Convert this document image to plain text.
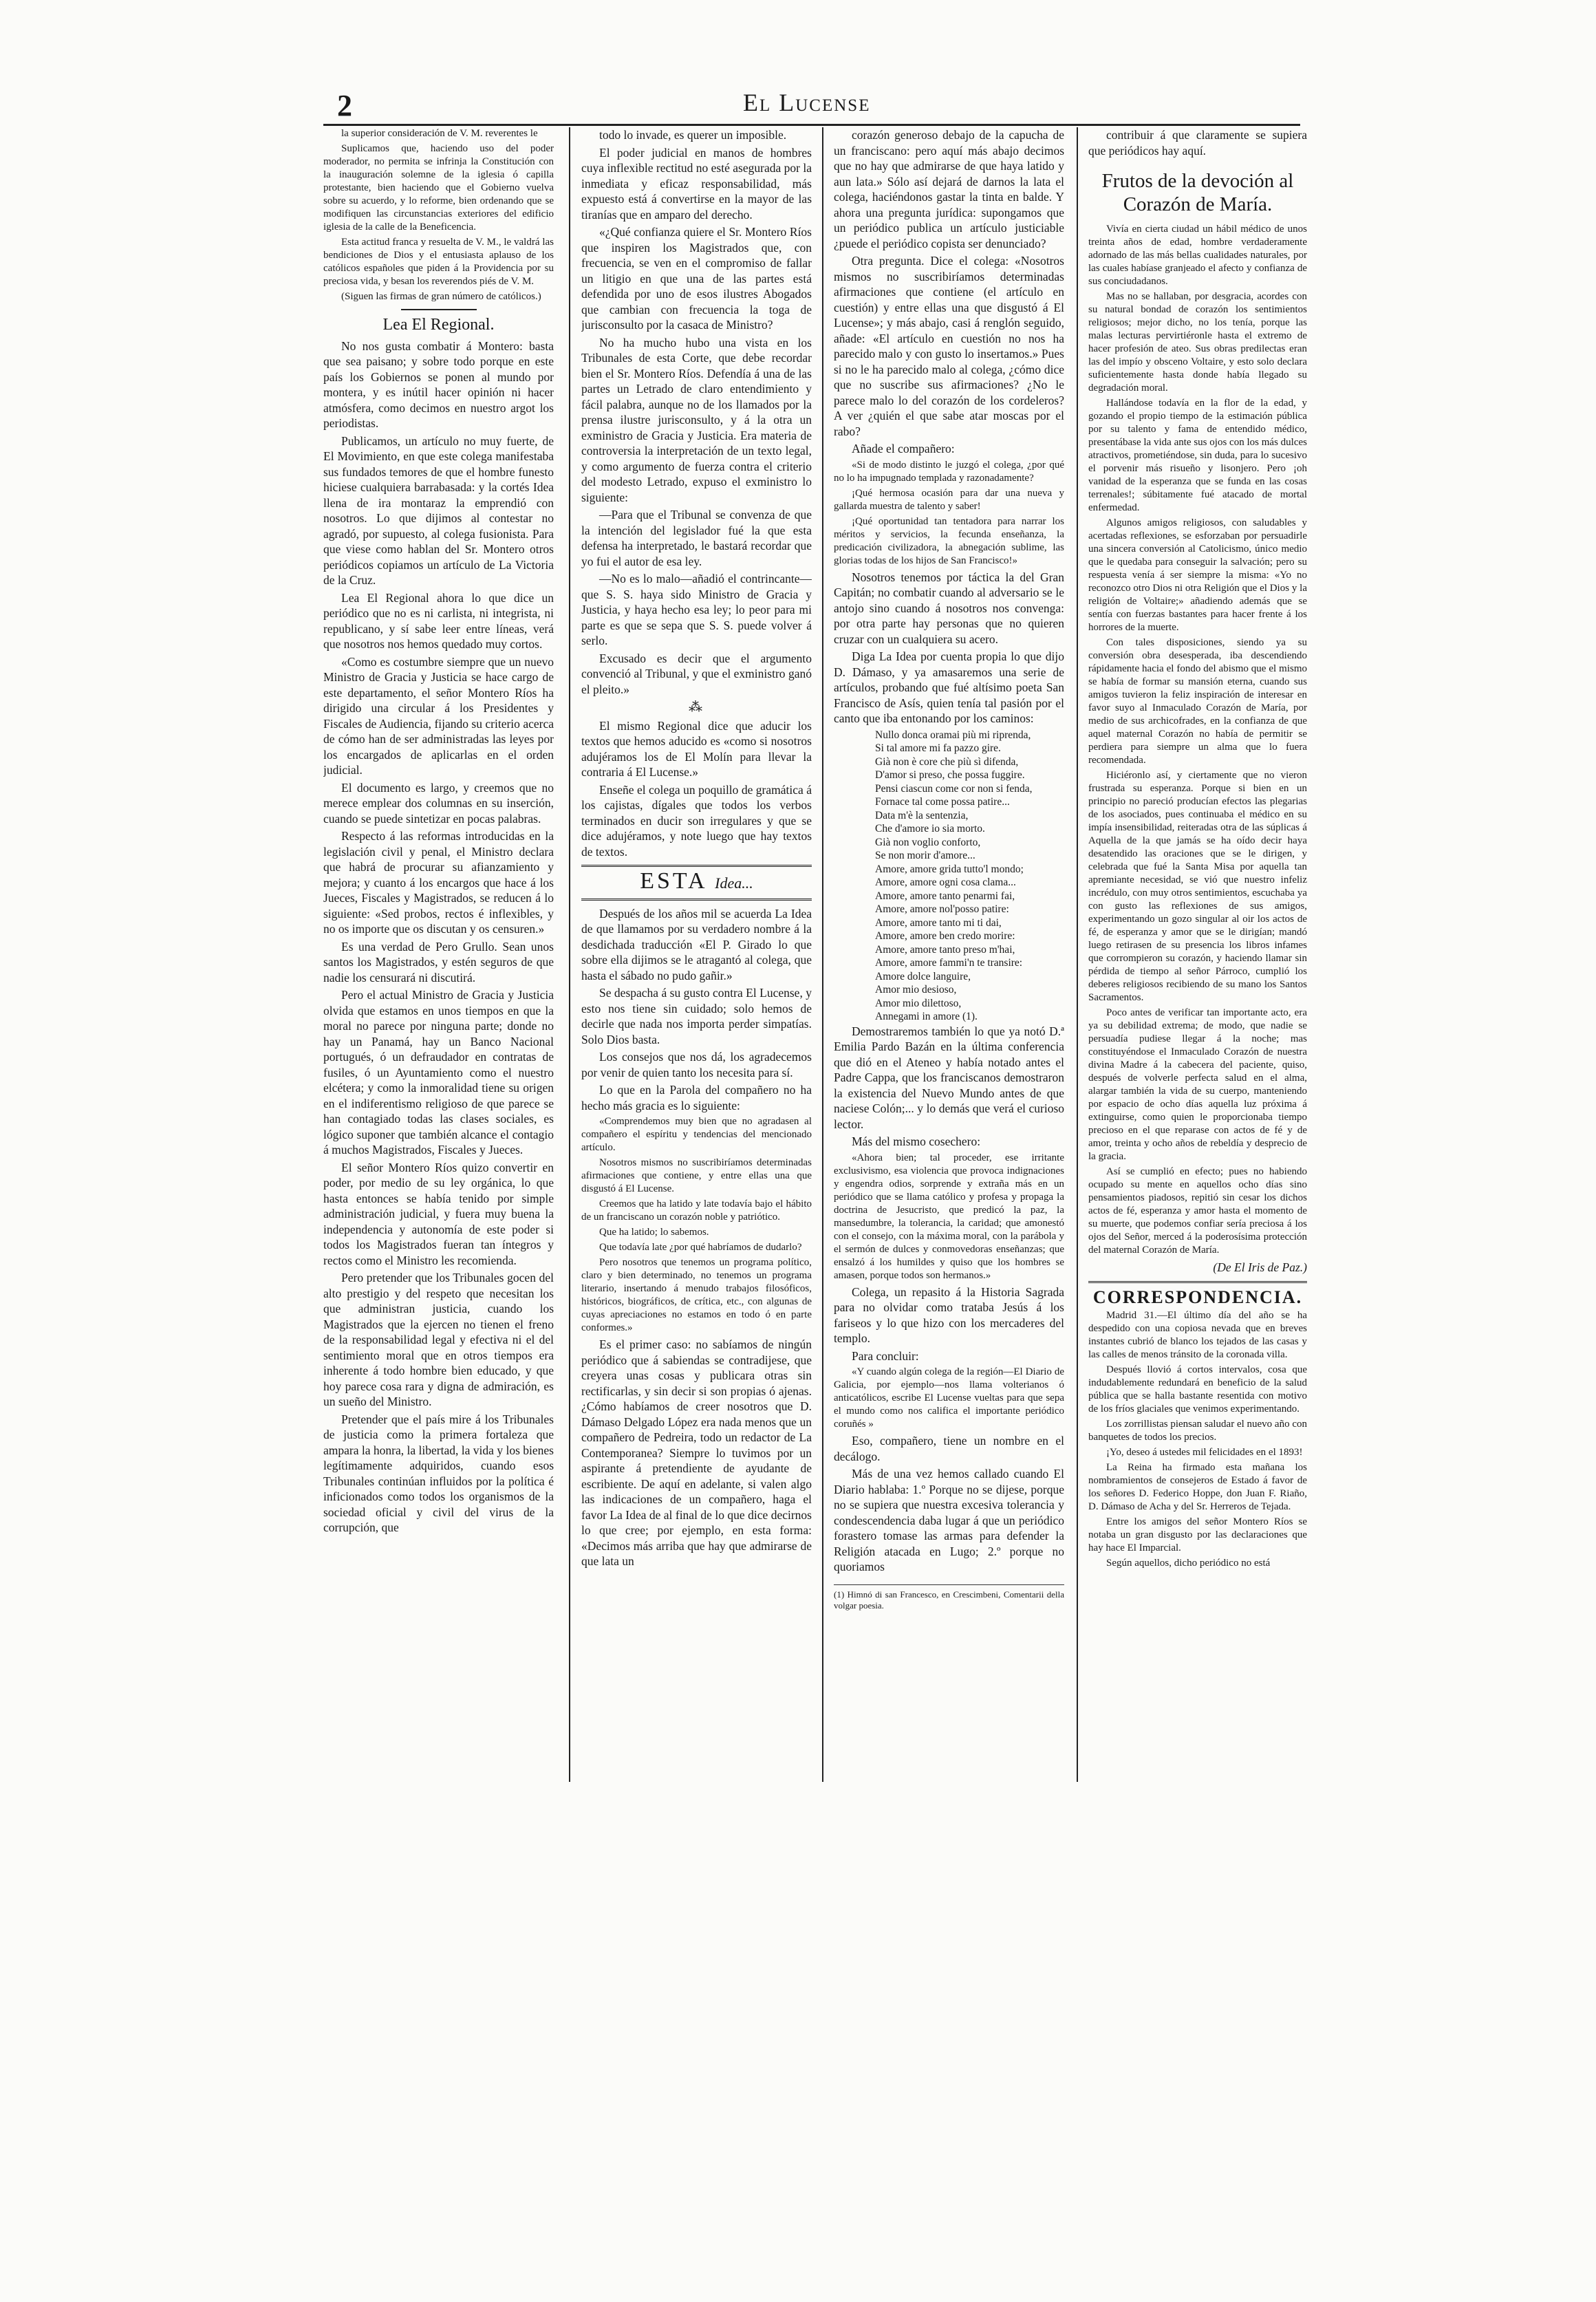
2	El Lucense

la superior consideración de V. M. reverentes le

Suplicamos que, haciendo uso del poder moderador, no permita se infrinja la Constitución con la inauguración solemne de la iglesia ó capilla protestante, bien haciendo que el Gobierno vuelva sobre su acuerdo, y lo reforme, bien ordenando que se modifiquen las circunstancias exteriores del edificio iglesia de la calle de la Beneficencia.

Esta actitud franca y resuelta de V. M., le valdrá las bendiciones de Dios y el entusiasta aplauso de los católicos españoles que piden á la Providencia por su preciosa vida, y besan los reverendos piés de V. M.

(Siguen las firmas de gran número de católicos.)

Lea El Regional.

No nos gusta combatir á Montero: basta que sea paisano; y sobre todo porque en este país los Gobiernos se ponen al mundo por montera, y es inútil hacer opinión ni hacer atmósfera, como decimos en nuestro argot los periodistas.

Publicamos, un artículo no muy fuerte, de El Movimiento, en que este colega manifestaba sus fundados temores de que el hombre funesto hiciese cualquiera barrabasada: y la cortés Idea llena de ira montaraz la emprendió con nosotros. Lo que dijimos al contestar no agradó, por supuesto, al colega fusionista. Para que viese como hablan del Sr. Montero otros periódicos copiamos un artículo de La Victoria de la Cruz.

Lea El Regional ahora lo que dice un periódico que no es ni carlista, ni integrista, ni republicano, y sí sabe leer entre líneas, verá que nosotros nos hemos quedado muy cortos.

«Como es costumbre siempre que un nuevo Ministro de Gracia y Justicia se hace cargo de este departamento, el señor Montero Ríos ha dirigido una circular á los Presidentes y Fiscales de Audiencia, fijando su criterio acerca de cómo han de ser administradas las leyes por los encargados de aplicarlas en el orden judicial.

El documento es largo, y creemos que no merece emplear dos columnas en su inserción, cuando se puede sintetizar en pocas palabras.

Respecto á las reformas introducidas en la legislación civil y penal, el Ministro declara que habrá de procurar su afianzamiento y mejora; y cuanto á los encargos que hace á los Jueces, Fiscales y Magistrados, se reducen á lo siguiente: «Sed probos, rectos é inflexibles, y no os importe que os discutan y os censuren.»

Es una verdad de Pero Grullo. Sean unos santos los Magistrados, y estén seguros de que nadie los censurará ni discutirá.

Pero el actual Ministro de Gracia y Justicia olvida que estamos en unos tiempos en que la moral no parece por ninguna parte; donde no hay un Panamá, hay un Banco Nacional portugués, ó un defraudador en contratas de fusiles, ó un Ayuntamiento como el nuestro elcétera; y como la inmoralidad tiene su origen en el indiferentismo religioso de que parece se han contagiado todas las clases sociales, es lógico suponer que también alcance el contagio á muchos Magistrados, Fiscales y Jueces.

El señor Montero Ríos quizo convertir en poder, por medio de su ley orgánica, lo que hasta entonces se había tenido por simple administración judicial, y fuera muy buena la independencia y autonomía de este poder si todos los Magistrados fueran tan íntegros y rectos como el Ministro les recomienda.

Pero pretender que los Tribunales gocen del alto prestigio y del respeto que necesitan los que administran justicia, cuando los Magistrados que la ejercen no tienen el freno de la responsabilidad legal y efectiva ni el del sentimiento moral que en otros tiempos era inherente á todo hombre bien educado, y que hoy parece cosa rara y digna de admiración, es un sueño del Ministro.

Pretender que el país mire á los Tribunales de justicia como la primera fortaleza que ampara la honra, la libertad, la vida y los bienes legítimamente adquiridos, cuando esos Tribunales continúan influidos por la política é inficionados como todos los organismos de la sociedad oficial y civil del virus de la corrupción, que

todo lo invade, es querer un imposible.

El poder judicial en manos de hombres cuya inflexible rectitud no esté asegurada por la inmediata y eficaz responsabilidad, más expuesto está á convertirse en la mayor de las tiranías que en amparo del derecho.

«¿Qué confianza quiere el Sr. Montero Ríos que inspiren los Magistrados que, con frecuencia, se ven en el compromiso de fallar un litigio en que una de las partes está defendida por uno de esos ilustres Abogados que cambian con frecuencia la toga de jurisconsulto por la casaca de Ministro?

No ha mucho hubo una vista en los Tribunales de esta Corte, que debe recordar bien el Sr. Montero Ríos. Defendía á una de las partes un Letrado de claro entendimiento y fácil palabra, aunque no de los llamados por la prensa ilustre jurisconsulto, y á la otra un exministro de Gracia y Justicia. Era materia de controversia la interpretación de un texto legal, y como argumento de fuerza contra el criterio del modesto Letrado, expuso el exministro lo siguiente:

—Para que el Tribunal se convenza de que la intención del legislador fué la que esta defensa ha interpretado, le bastará recordar que yo fui el autor de esa ley.

—No es lo malo—añadió el contrincante—que S. S. haya sido Ministro de Gracia y Justicia, y haya hecho esa ley; lo peor para mi parte es que se sepa que S. S. puede volver á serlo.

Excusado es decir que el argumento convenció al Tribunal, y que el exministro ganó el pleito.»

⁂

El mismo Regional dice que aducir los textos que hemos aducido es «como si nosotros adujéramos los de El Molín para llevar la contraria á El Lucense.»

Enseñe el colega un poquillo de gramática á los cajistas, dígales que todos los verbos terminados en ducir son irregulares y que se dice adujéramos, y note luego que hay textos de textos.

ESTA Idea...

Después de los años mil se acuerda La Idea de que llamamos por su verdadero nombre á la desdichada traducción «El P. Girado lo que sobre ella dijimos se le atragantó al colega, que hasta el sábado no pudo gañir.»

Se despacha á su gusto contra El Lucense, y esto nos tiene sin cuidado; solo hemos de decirle que nada nos importa perder simpatías. Solo Dios basta.

Los consejos que nos dá, los agradecemos por venir de quien tanto los necesita para sí.

Lo que en la Parola del compañero no ha hecho más gracia es lo siguiente:

«Comprendemos muy bien que no agradasen al compañero el espíritu y tendencias del mencionado artículo.

Nosotros mismos no suscribiríamos determinadas afirmaciones que contiene, y entre ellas una que disgustó á El Lucense.

Creemos que ha latido y late todavía bajo el hábito de un franciscano un corazón noble y patriótico.

Que ha latido; lo sabemos.

Que todavía late ¿por qué habríamos de dudarlo?

Pero nosotros que tenemos un programa político, claro y bien determinado, no tenemos un programa literario, insertando á menudo trabajos filosóficos, históricos, biográficos, de crítica, etc., con algunas de cuyas apreciaciones no estamos en todo ó en parte conformes.»

Es el primer caso: no sabíamos de ningún periódico que á sabiendas se contradijese, que creyera unas cosas y publicara otras sin rectificarlas, y sin decir si son propias ó ajenas. ¿Cómo habíamos de creer nosotros que D. Dámaso Delgado López era nada menos que un compañero de Pedreira, todo un redactor de La Contemporanea? Siempre lo tuvimos por un aspirante á pretendiente de ayudante de escribiente. De aquí en adelante, si valen algo las indicaciones de un compañero, haga el favor La Idea de al final de lo que dice decirnos lo que cree; por ejemplo, en esta forma: «Decimos más arriba que hay que admirarse de que lata un

corazón generoso debajo de la capucha de un franciscano: pero aquí más abajo decimos que no hay que admirarse de que haya latido y aun lata.» Sólo así dejará de darnos la lata el colega, haciéndonos gastar la tinta en balde. Y ahora una pregunta jurídica: supongamos que un periódico publica un artículo justiciable ¿puede el periódico copista ser denunciado?

Otra pregunta. Dice el colega: «Nosotros mismos no suscribiríamos determinadas afirmaciones que contiene (el artículo en cuestión) y entre ellas una que disgustó á El Lucense»; y más abajo, casi á renglón seguido, añade: «El artículo en cuestión no nos ha parecido malo y con gusto lo insertamos.» Pues si no le ha parecido malo al colega, ¿cómo dice que no suscribe sus afirmaciones? ¿No le parece malo lo del corazón de los cordeleros? A ver ¿quién el que sabe atar moscas por el rabo?

Añade el compañero:

«Si de modo distinto le juzgó el colega, ¿por qué no lo ha impugnado templada y razonadamente?

¡Qué hermosa ocasión para dar una nueva y gallarda muestra de talento y saber!

¡Qué oportunidad tan tentadora para narrar los méritos y servicios, la fecunda enseñanza, la predicación civilizadora, la abnegación sublime, las glorias todas de los hijos de San Francisco!»

Nosotros tenemos por táctica la del Gran Capitán; no combatir cuando al adversario se le antojo sino cuando á nosotros nos convenga: por otra parte hay personas que no quieren cruzar con un cualquiera su acero.

Diga La Idea por cuenta propia lo que dijo D. Dámaso, y ya amasaremos una serie de artículos, probando que fué altísimo poeta San Francisco de Asís, quien tenía tal pasión por el canto que iba entonando por los caminos:

Nullo donca oramai più mi riprenda,
Si tal amore mi fa pazzo gire.
Già non è core che più sì difenda,
D'amor si preso, che possa fuggire.
Pensi ciascun come cor non si fenda,
Fornace tal come possa patire...
Data m'è la sentenzia,
Che d'amore io sia morto.
Già non voglio conforto,
Se non morir d'amore...
Amore, amore grida tutto'l mondo;
Amore, amore ogni cosa clama...
Amore, amore tanto penarmi fai,
Amore, amore nol'posso patire:
Amore, amore tanto mi ti dai,
Amore, amore ben credo morire:
Amore, amore tanto preso m'hai,
Amore, amore fammi'n te transire:
Amore dolce languire,
Amor mio desioso,
Amor mio dilettoso,
Annegami in amore (1).

Demostraremos también lo que ya notó D.ª Emilia Pardo Bazán en la última conferencia que dió en el Ateneo y había notado antes el Padre Cappa, que los franciscanos demostraron la existencia del Nuevo Mundo antes de que naciese Colón;... y lo demás que verá el curioso lector.

Más del mismo cosechero:

«Ahora bien; tal proceder, ese irritante exclusivismo, esa violencia que provoca indignaciones y engendra odios, sorprende y extraña más en un periódico que se llama católico y profesa y propaga la doctrina de Jesucristo, que predicó la paz, la mansedumbre, la tolerancia, la caridad; que amonestó con el consejo, con la máxima moral, con la parábola y el sermón de dulces y conmovedoras enseñanzas; que ensalzó á los humildes y quiso que los hombres se amasen, porque todos son hermanos.»

Colega, un repasito á la Historia Sagrada para no olvidar como trataba Jesús á los fariseos y lo que hizo con los mercaderes del templo.

Para concluir:

«Y cuando algún colega de la región—El Diario de Galicia, por ejemplo—nos llama volterianos ó anticatólicos, escribe El Lucense vueltas para que sepa el mundo como nos califica el importante periódico coruñés »

Eso, compañero, tiene un nombre en el decálogo.

Más de una vez hemos callado cuando El Diario hablaba: 1.º Porque no se dijese, porque no se supiera que nuestra excesiva tolerancia y condescendencia daba lugar á que un periódico forastero tomase las armas para defender la Religión atacada en Lugo; 2.º porque no quoriamos

(1) Himnó di san Francesco, en Crescimbeni, Comentarii della volgar poesia.

contribuir á que claramente se supiera que periódicos hay aquí.

Frutos de la devoción al Corazón de María.

Vivía en cierta ciudad un hábil médico de unos treinta años de edad, hombre verdaderamente adornado de las más bellas cualidades naturales, por las cuales habíase granjeado el afecto y confianza de sus conciudadanos.

Mas no se hallaban, por desgracia, acordes con su natural bondad de corazón los sentimientos religiosos; mejor dicho, no los tenía, porque las malas lecturas pervirtiéronle hasta el extremo de hacer profesión de ateo. Sus obras predilectas eran las del impío y obsceno Voltaire, y esto solo declara suficientemente hasta donde había llegado su degradación moral.

Hallándose todavía en la flor de la edad, y gozando el propio tiempo de la estimación pública por su talento y fama de entendido médico, presentábase la vida ante sus ojos con los más dulces atractivos, prometiéndose, sin duda, para lo sucesivo el porvenir más risueño y lisonjero. Pero ¡oh vanidad de la esperanza que se funda en las cosas terrenales!; súbitamente fué atacado de mortal enfermedad.

Algunos amigos religiosos, con saludables y acertadas reflexiones, se esforzaban por persuadirle una sincera conversión al Catolicismo, único medio que le quedaba para conseguir la salvación; pero su respuesta venía á ser siempre la misma: «Yo no reconozco otro Dios ni otra Religión que el Dios y la religión de Voltaire;» añadiendo además que se sentía con fuerzas bastantes para hacer frente á los horrores de la muerte.

Con tales disposiciones, siendo ya su conversión obra desesperada, iba descendiendo rápidamente hacia el fondo del abismo que el mismo se había de formar su mansión eterna, cuando sus amigos tuvieron la feliz inspiración de interesar en favor suyo al Inmaculado Corazón de María, por medio de sus archicofrades, en la confianza de que aquel maternal Corazón no había de permitir se perdiera para siempre un alma que lo fuera recomendada.

Hiciéronlo así, y ciertamente que no vieron frustrada su esperanza. Porque si bien en un principio no pareció producían efectos las plegarias de los asociados, pues continuaba el médico en su impía insensibilidad, reiteradas otra de las súplicas á Aquella de la que jamás se ha oído decir haya desatendido las oraciones que se le dirigen, y celebrada que fué la Santa Misa por aquella tan apremiante necesidad, se vió que nuestro infeliz incrédulo, con muy otros sentimientos, escuchaba ya con gusto las reflexiones de sus amigos, experimentando un gozo singular al oir los actos de fé, de esperanza y amor que se le dirigían; mandó luego retirasen de su presencia los libros infames que corrompieron su corazón, y haciendo llamar sin pérdida de tiempo al señor Párroco, cumplió los deberes religiosos recibiendo de su mano los Santos Sacramentos.

Poco antes de verificar tan importante acto, era ya su debilidad extrema; de modo, que nadie se persuadía pudiese llegar á la noche; mas constituyéndose el Inmaculado Corazón de nuestra divina Madre á la cabecera del paciente, quiso, después de volverle perfecta salud en el alma, alargar también la vida de su cuerpo, manteniendo por espacio de ocho días aquella luz próxima á extinguirse, como quien le proporcionaba tiempo precioso en el que reparase con actos de fé y de amor, treinta y ocho años de rebeldía y desprecio de la gracia.

Así se cumplió en efecto; pues no habiendo ocupado su mente en aquellos ocho días sino pensamientos piadosos, repitió sin cesar los dichos actos de fé, esperanza y amor hasta el momento de su muerte, que podemos confiar sería preciosa á los ojos del Señor, merced á la poderosísima protección del maternal Corazón de María.

(De El Iris de Paz.)
CORRESPONDENCIA.

Madrid 31.—El último día del año se ha despedido con una copiosa nevada que en breves instantes cubrió de blanco los tejados de las casas y las calles de menos tránsito de la coronada villa.

Después llovió á cortos intervalos, cosa que indudablemente redundará en beneficio de la salud pública que se halla bastante resentida con motivo de los fríos glaciales que venimos experimentando.

Los zorrillistas piensan saludar el nuevo año con banquetes de todos los precios.

¡Yo, deseo á ustedes mil felicidades en el 1893!

La Reina ha firmado esta mañana los nombramientos de consejeros de Estado á favor de los señores D. Federico Hoppe, don Juan F. Riaño, D. Dámaso de Acha y del Sr. Herreros de Tejada.

Entre los amigos del señor Montero Ríos se notaba un gran disgusto por las declaraciones que hay hace El Imparcial.

Según aquellos, dicho periódico no está
